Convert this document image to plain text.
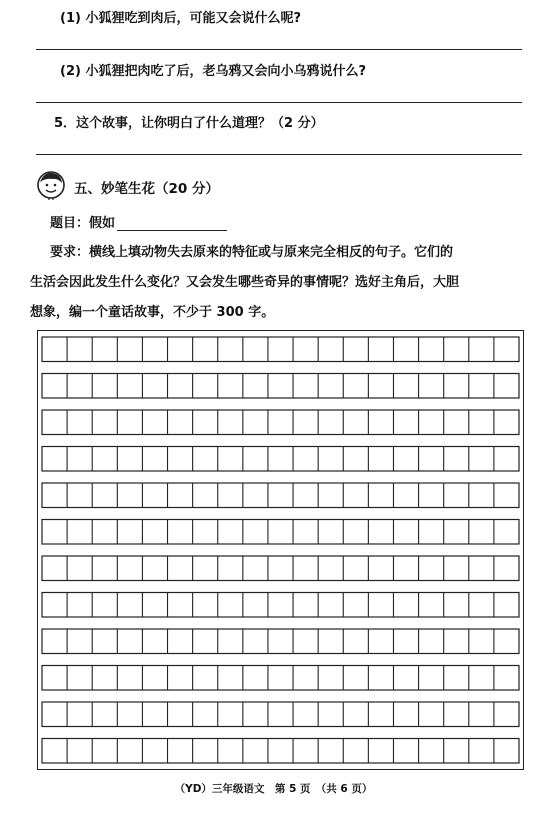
(1) 小狐狸吃到肉后，可能又会说什么呢?
(2) 小狐狸把肉吃了后，老乌鸦又会向小乌鸦说什么?
5．这个故事，让你明白了什么道理？（2 分）
五、妙笔生花（20 分）
题目：假如
要求：横线上填动物失去原来的特征或与原来完全相反的句子。它们的
生活会因此发生什么变化？又会发生哪些奇异的事情呢？选好主角后，大胆
想象，编一个童话故事，不少于 300 字。
（YD）三年级语文　第 5 页　（共 6 页）
